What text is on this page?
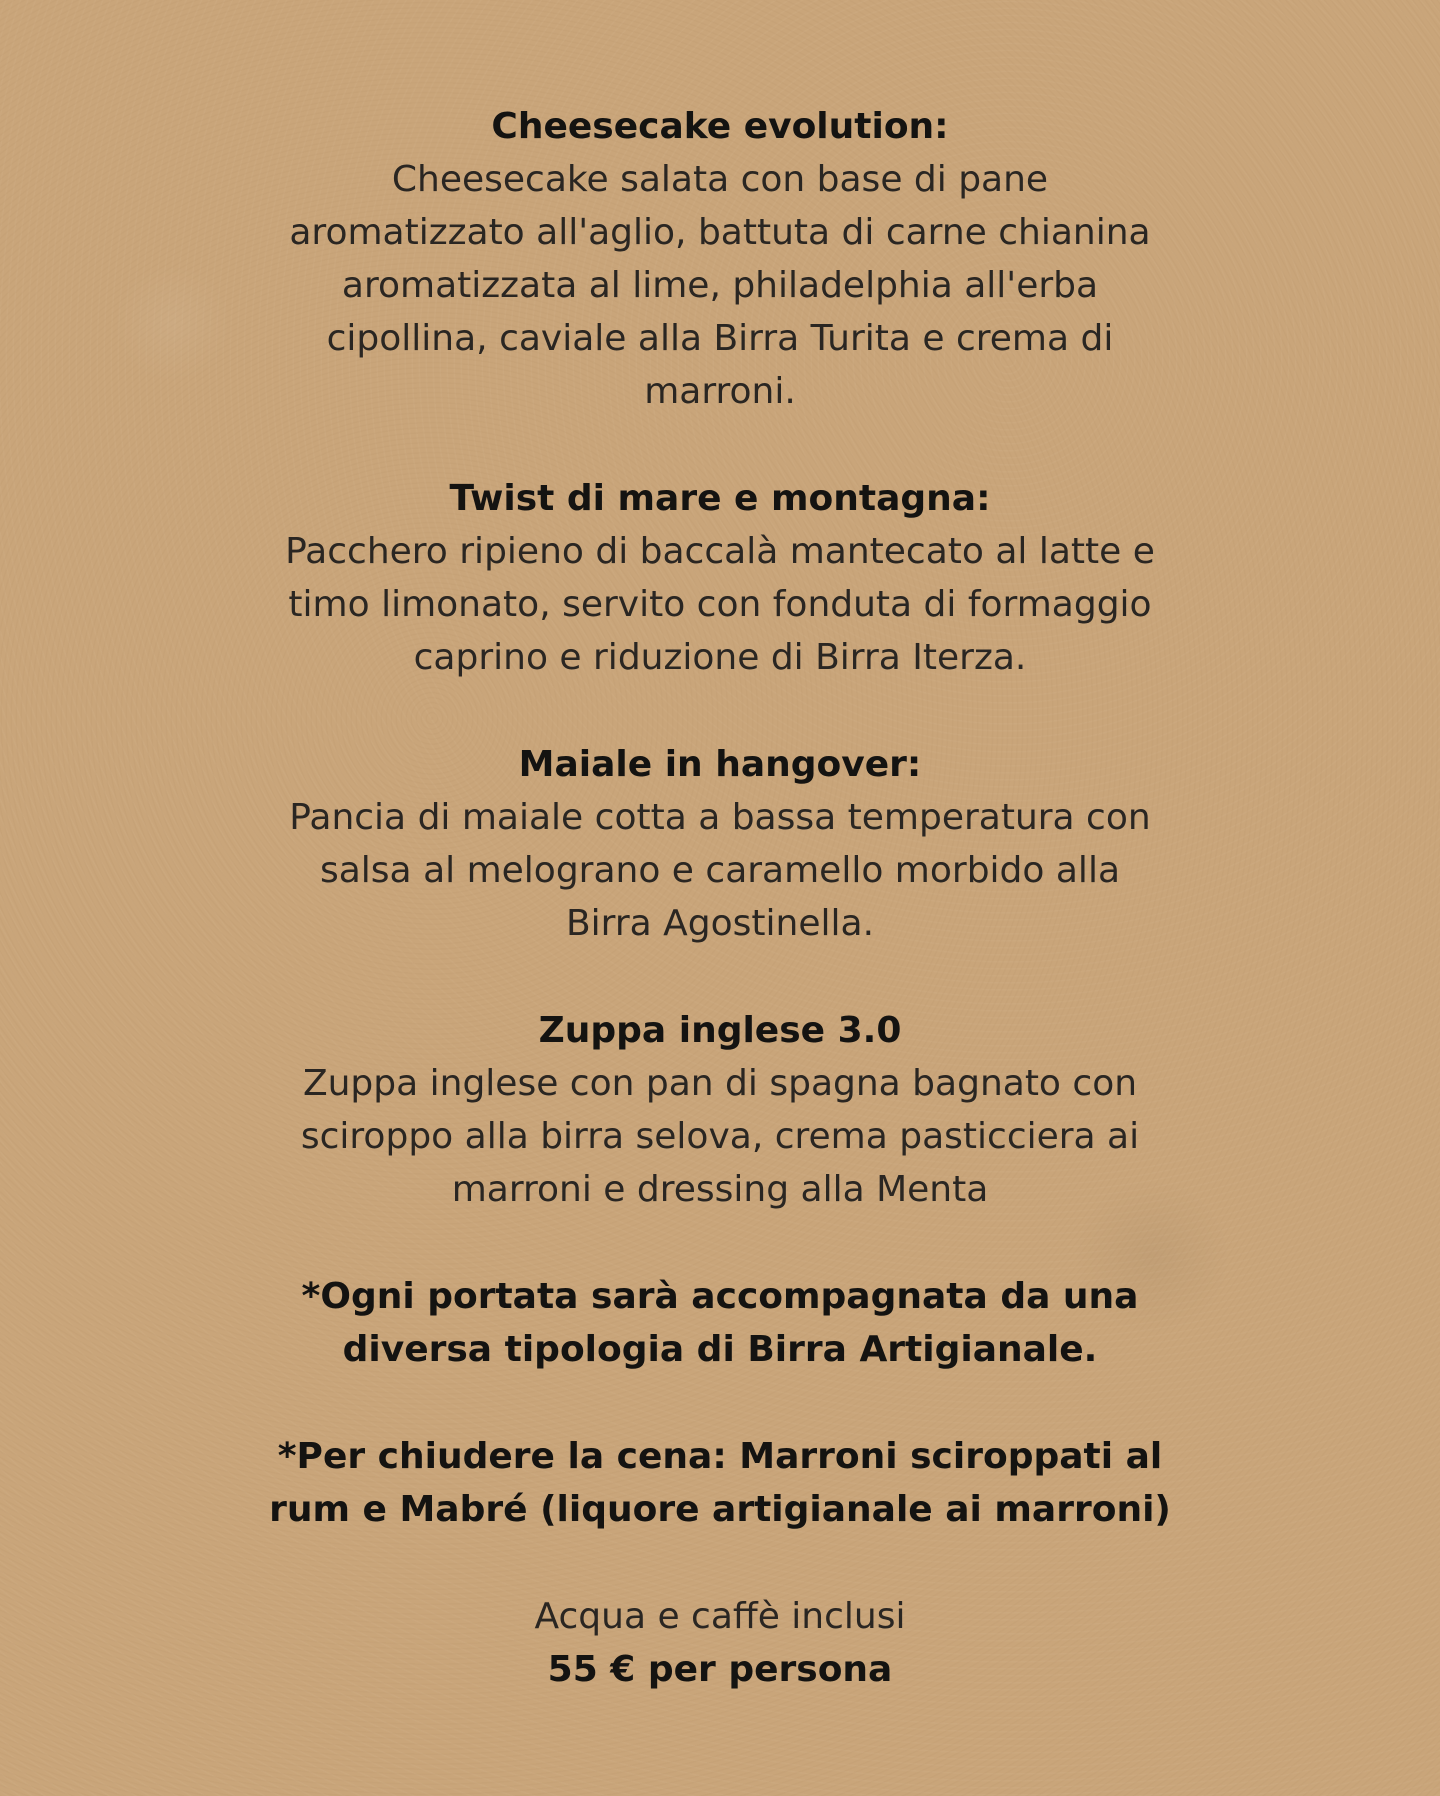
Cheesecake evolution:
Cheesecake salata con base di pane
aromatizzato all'aglio, battuta di carne chianina
aromatizzata al lime, philadelphia all'erba
cipollina, caviale alla Birra Turita e crema di
marroni.
Twist di mare e montagna:
Pacchero ripieno di baccalà mantecato al latte e
timo limonato, servito con fonduta di formaggio
caprino e riduzione di Birra Iterza.
Maiale in hangover:
Pancia di maiale cotta a bassa temperatura con
salsa al melograno e caramello morbido alla
Birra Agostinella.
Zuppa inglese 3.0
Zuppa inglese con pan di spagna bagnato con
sciroppo alla birra selova, crema pasticciera ai
marroni e dressing alla Menta
*Ogni portata sarà accompagnata da una
diversa tipologia di Birra Artigianale.
*Per chiudere la cena: Marroni sciroppati al
rum e Mabré (liquore artigianale ai marroni)
Acqua e caffè inclusi
55 € per persona
